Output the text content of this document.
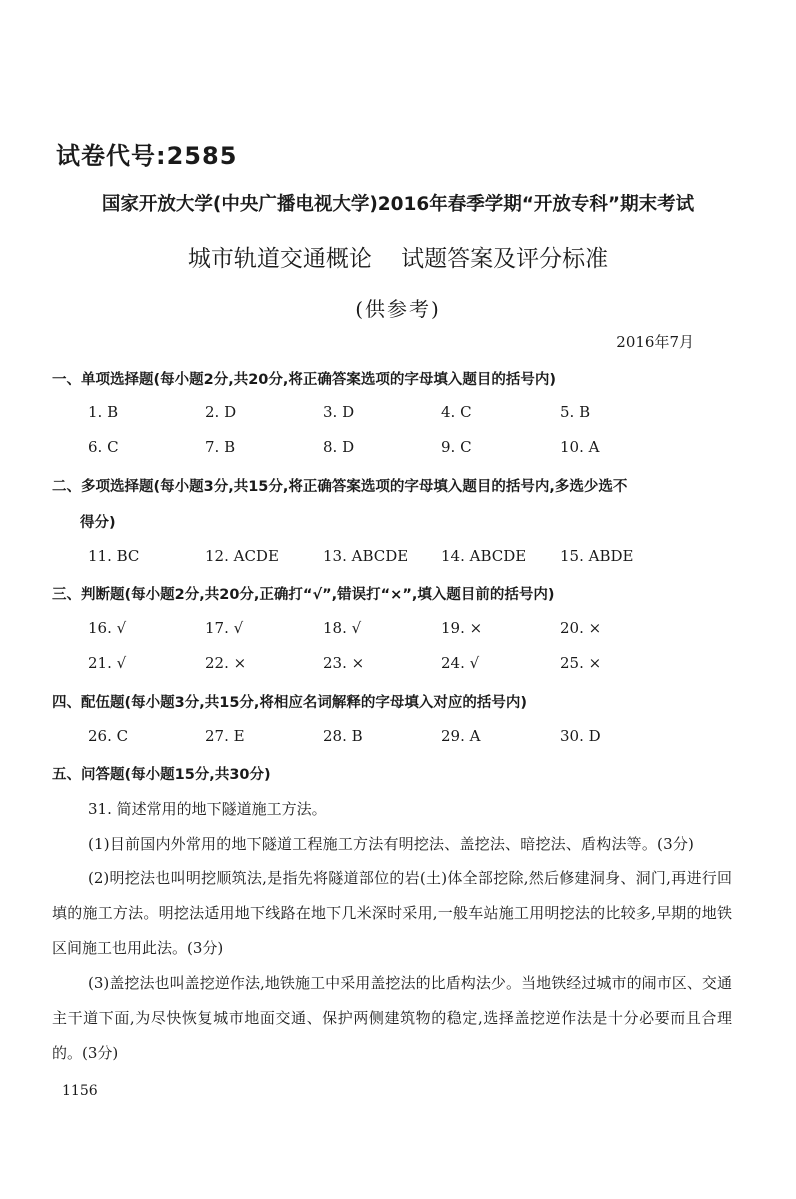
试卷代号:2585
国家开放大学(中央广播电视大学)2016年春季学期“开放专科”期末考试
城市轨道交通概论    试题答案及评分标准
(供参考)
2016年7月
一、单项选择题(每小题2分,共20分,将正确答案选项的字母填入题目的括号内)
1. B	2. D	3. D	4. C	5. B
6. C	7. B	8. D	9. C	10. A
二、多项选择题(每小题3分,共15分,将正确答案选项的字母填入题目的括号内,多选少选不
得分)
11. BC	12. ACDE	13. ABCDE 14. ABCDE 15. ABDE
三、判断题(每小题2分,共20分,正确打“√”,错误打“×”,填入题目前的括号内)
16. √	17. √	18. √	19. ×	20. ×
21. √	22. ×	23. ×	24. √	25. ×
四、配伍题(每小题3分,共15分,将相应名词解释的字母填入对应的括号内)
26. C	27. E	28. B	29. A	30. D
五、问答题(每小题15分,共30分)
31. 简述常用的地下隧道施工方法。
(1)目前国内外常用的地下隧道工程施工方法有明挖法、盖挖法、暗挖法、盾构法等。(3分)
(2)明挖法也叫明挖顺筑法,是指先将隧道部位的岩(土)体全部挖除,然后修建洞身、洞门,再进行回填的施工方法。明挖法适用地下线路在地下几米深时采用,一般车站施工用明挖法的比较多,早期的地铁区间施工也用此法。(3分)
(3)盖挖法也叫盖挖逆作法,地铁施工中采用盖挖法的比盾构法少。当地铁经过城市的闹市区、交通主干道下面,为尽快恢复城市地面交通、保护两侧建筑物的稳定,选择盖挖逆作法是十分必要而且合理的。(3分)
1156
